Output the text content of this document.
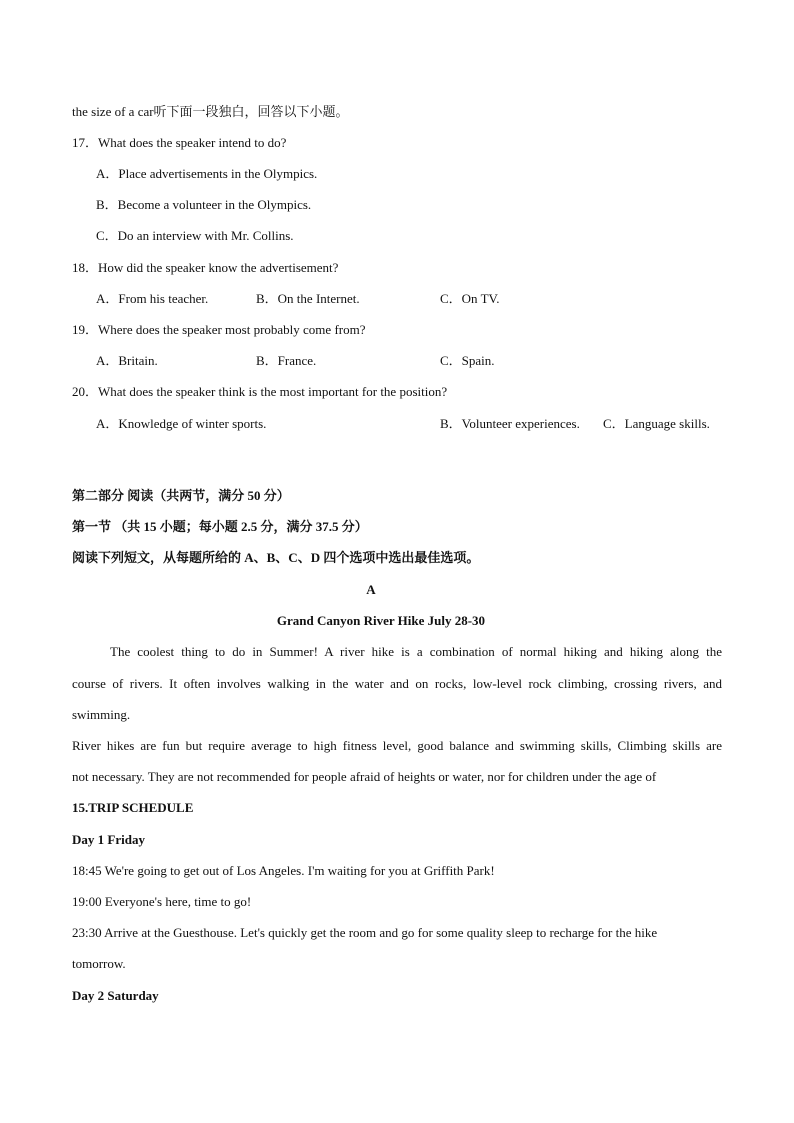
the size of a car听下面一段独白，回答以下小题。
17．What does the speaker intend to do?
A．Place advertisements in the Olympics.
B．Become a volunteer in the Olympics.
C．Do an interview with Mr. Collins.
18．How did the speaker know the advertisement?
A．From his teacher.	B．On the Internet.	C．On TV.
19．Where does the speaker most probably come from?
A．Britain.	B．France.	C．Spain.
20．What does the speaker think is the most important for the position?
A．Knowledge of winter sports.	B．Volunteer experiences. C．Language skills.
第二部分 阅读（共两节，满分 50 分）
第一节 （共 15 小题；每小题 2.5 分，满分 37.5 分）
阅读下列短文，从每题所给的 A、B、C、D 四个选项中选出最佳选项。
A
Grand Canyon River Hike July 28-30
The coolest thing to do in Summer! A river hike is a combination of normal hiking and hiking along the
course of rivers. It often involves walking in the water and on rocks, low-level rock climbing, crossing rivers, and
swimming.
River hikes are fun but require average to high fitness level, good balance and swimming skills, Climbing skills are
not necessary. They are not recommended for people afraid of heights or water, nor for children under the age of
15.TRIP SCHEDULE
Day 1 Friday
18:45 We're going to get out of Los Angeles. I'm waiting for you at Griffith Park!
19:00 Everyone's here, time to go!
23:30 Arrive at the Guesthouse. Let's quickly get the room and go for some quality sleep to recharge for the hike
tomorrow.
Day 2 Saturday
